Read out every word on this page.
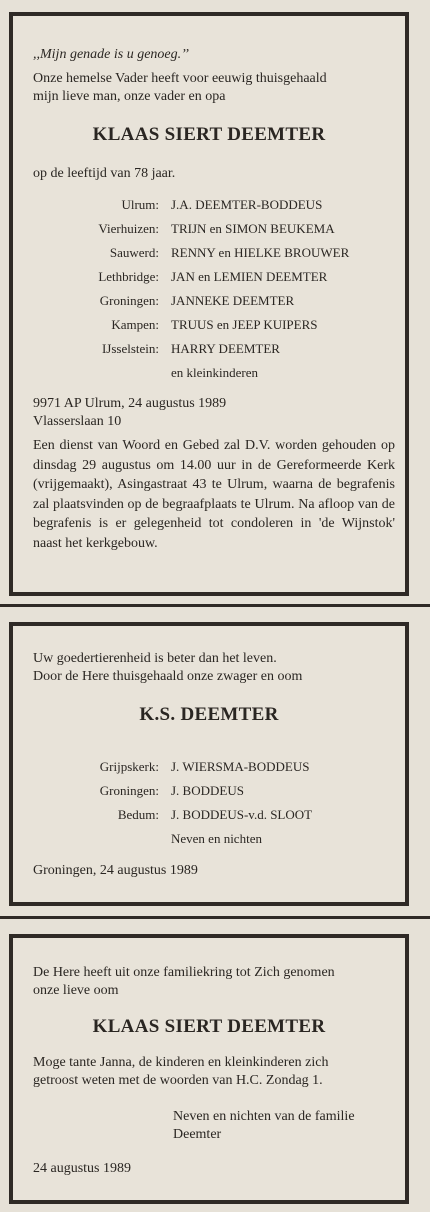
,,Mijn genade is u genoeg.’’
Onze hemelse Vader heeft voor eeuwig thuisgehaald
mijn lieve man, onze vader en opa
KLAAS SIERT DEEMTER
op de leeftijd van 78 jaar.
Ulrum: J.A. DEEMTER-BODDEUS
Vierhuizen: TRIJN en SIMON BEUKEMA
Sauwerd: RENNY en HIELKE BROUWER
Lethbridge: JAN en LEMIEN DEEMTER
Groningen: JANNEKE DEEMTER
Kampen: TRUUS en JEEP KUIPERS
IJsselstein: HARRY DEEMTER
en kleinkinderen
9971 AP Ulrum, 24 augustus 1989
Vlasserslaan 10
Een dienst van Woord en Gebed zal D.V. worden gehouden op dinsdag 29 augustus om 14.00 uur in de Gereformeerde Kerk (vrijgemaakt), Asingastraat 43 te Ulrum, waarna de begrafenis zal plaatsvinden op de begraafplaats te Ulrum. Na afloop van de begrafenis is er gelegenheid tot condoleren in 'de Wijnstok' naast het kerkgebouw.
Uw goedertierenheid is beter dan het leven.
Door de Here thuisgehaald onze zwager en oom
K.S. DEEMTER
Grijpskerk: J. WIERSMA-BODDEUS
Groningen: J. BODDEUS
Bedum: J. BODDEUS-v.d. SLOOT
Neven en nichten
Groningen, 24 augustus 1989
De Here heeft uit onze familiekring tot Zich genomen
onze lieve oom
KLAAS SIERT DEEMTER
Moge tante Janna, de kinderen en kleinkinderen zich
getroost weten met de woorden van H.C. Zondag 1.
Neven en nichten van de familie
Deemter
24 augustus 1989
